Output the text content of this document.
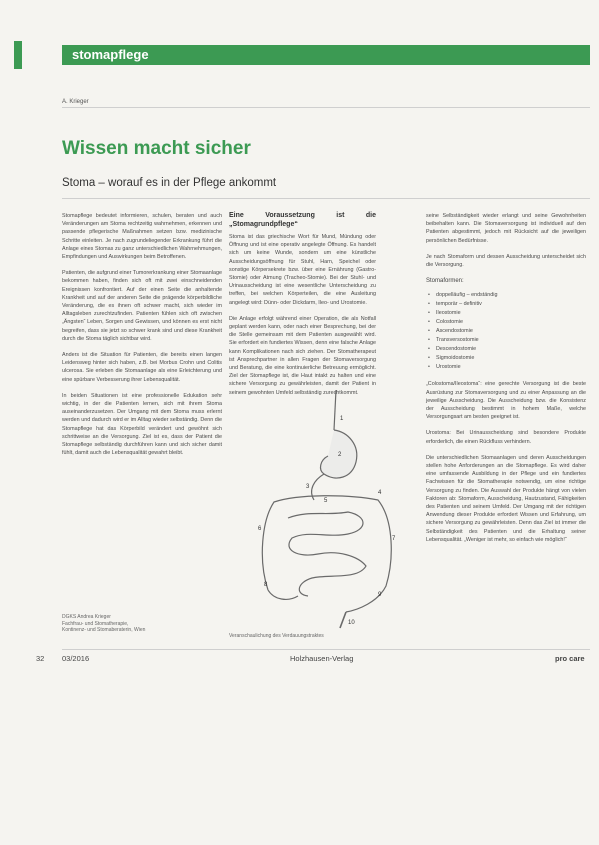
stomapflege
A. Krieger
Wissen macht sicher
Stoma – worauf es in der Pflege ankommt

Stomapflege bedeutet informieren, schulen, beraten und auch Veränderungen am Stoma rechtzeitig wahrnehmen, erkennen und passende pflegerische Maßnahmen setzen bzw. medizinische Schritte einleiten. Je nach zugrundeliegender Erkrankung führt die Anlage eines Stomas zu ganz unterschiedlichen Wahrnehmungen, Empfindungen und Auswirkungen beim Betroffenen.

Patienten, die aufgrund einer Tumorerkrankung einer Stomaanlage bekommen haben, finden sich oft mit zwei einschneidenden Ereignissen konfrontiert. Auf der einen Seite die anhaltende Krankheit und auf der anderen Seite die prägende körperbildliche Veränderung, die es ihnen oft schwer macht, sich wieder im Alltagsleben zurechtzufinden. Patienten fühlen sich oft zwischen „Ängsten“ Leben, Sorgen und Gewissen, und können es erst nicht begreifen, dass sie jetzt so schwer krank sind und diese Krankheit durch die Stoma täglich sichtbar wird.

Anders ist die Situation für Patienten, die bereits einen langen Leidensweg hinter sich haben, z.B. bei Morbus Crohn und Colitis ulcerosa. Sie erleben die Stomaanlage als eine Erleichterung und eine spürbare Verbesserung ihrer Lebensqualität.

In beiden Situationen ist eine professionelle Edukation sehr wichtig, in der die Patienten lernen, sich mit ihrem Stoma auseinanderzusetzen. Der Umgang mit dem Stoma muss erlernt werden und dadurch wird er im Alltag wieder selbständig. Denn die Stomapflege hat das Körperbild verändert und gewöhnt sich schrittweise an die Versorgung. Ziel ist es, dass der Patient die Stomapflege selbständig durchführen kann und sich sicher damit fühlt, damit auch die Lebensqualität gewahrt bleibt.

Eine Voraussetzung ist die „Stomagrundpflege“

Stoma ist das griechische Wort für Mund, Mündung oder Öffnung und ist eine operativ angelegte Öffnung. Es handelt sich um keine Wunde, sondern um eine künstliche Ausscheidungsöffnung für Stuhl, Harn, Speichel oder sonstige Körpersekrete bzw. über eine Ernährung (Gastro-Stomie) oder Atmung (Tracheo-Stomie). Bei der Stuhl- und Urinausscheidung ist eine wesentliche Unterscheidung zu treffen, bei welchen Körperteilen, die eine Ausleitung angelegt wird: Dünn- oder Dickdarm, Ileo- und Urostomie.

Die Anlage erfolgt während einer Operation, die als Notfall geplant werden kann, oder nach einer Besprechung, bei der die Stelle gemeinsam mit dem Patienten ausgewählt wird. Sie erfordert ein fundiertes Wissen, denn eine falsche Anlage kann Komplikationen nach sich ziehen. Der Stomatherapeut ist Ansprechpartner in allen Fragen der Stomaversorgung und Beratung, die eine kontinuierliche Betreuung ermöglicht. Ziel der Stomapflege ist, die Haut intakt zu halten und eine sichere Versorgung zu gewährleisten, damit der Patient in seinem gewohnten Umfeld selbständig zurechtkommt.

seine Selbständigkeit wieder erlangt und seine Gewohnheiten beibehalten kann. Die Stomaversorgung ist individuell auf den Patienten abgestimmt, jedoch mit Rücksicht auf die jeweiligen persönlichen Bedürfnisse.

Je nach Stomaform und dessen Ausscheidung unterscheidet sich die Versorgung.

Stomaformen:
• doppelläufig – endständig
• temporär – definitiv
• Ileostomie
• Colostomie
• Ascendostomie
• Transversostomie
• Descendostomie
• Sigmoidostomie
• Urostomie

„Colostoma/Ileostoma“: eine gerechte Versorgung ist die beste Ausrüstung zur Stomaversorgung und zu einer Anpassung an die jeweilige Ausscheidung. Die Ausscheidung bzw. die Konsistenz der Ausscheidung bestimmt in hohem Maße, welche Versorgungsart am besten geeignet ist.

Urostoma: Bei Urinausscheidung sind besondere Produkte erforderlich, die einen Rückfluss verhindern.

Die unterschiedlichen Stomaanlagen und deren Ausscheidungen stellen hohe Anforderungen an die Stomapflege. Es wird daher eine umfassende Ausbildung in der Pflege und ein fundiertes Fachwissen für die Stomatherapie notwendig, um eine richtige Versorgung zu finden. Die Auswahl der Produkte hängt von vielen Faktoren ab: Stomaform, Ausscheidung, Hautzustand, Fähigkeiten des Patienten und seinem Umfeld. Der Umgang mit der richtigen Anwendung dieser Produkte erfordert Wissen und Erfahrung, um sichere Versorgung zu gewährleisten. Denn das Ziel ist immer die Selbständigkeit des Patienten und die Erhaltung seiner Lebensqualität. „Weniger ist mehr, so einfach wie möglich!“

1
2
3
4
5
6
7
8
9
10
Veranschaulichung des Verdauungstraktes
DGKS Andrea Krieger
Fachfrau- und Stomatherapie,
Kontinenz- und Stomaberaterin, Wien
32 03/2016	Holzhausen-Verlag	pro care
